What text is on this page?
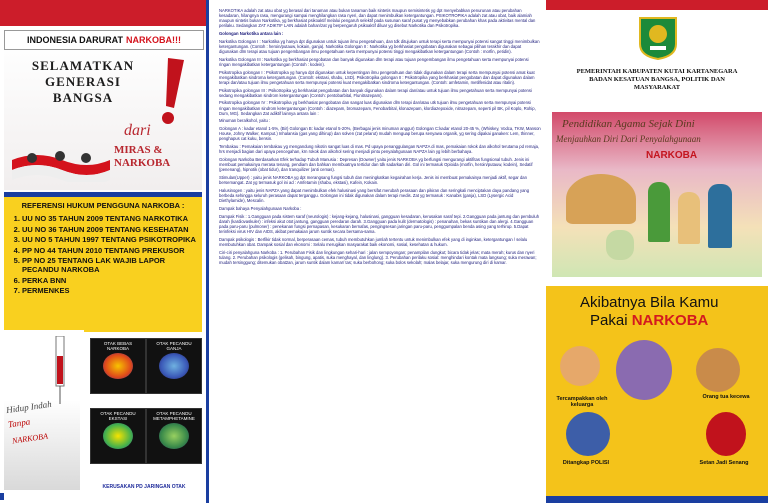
INDONESIA DARURAT NARKOBA!!!
SELAMATKAN
GENERASI
BANGSA
dari
MIRAS &
NARKOBA
REFERENSI HUKUM PENGGUNA NARKOBA :
1. UU NO 35 TAHUN 2009 TENTANG NARKOTIKA
2. UU NO 36 TAHUN 2009 TENTANG KESEHATAN
3. UU NO 5 TAHUN 1997 TENTANG PSIKOTROPIKA
4. PP NO 44 TAHUN 2010 TENTANG PREKUSOR
5. PP NO 25 TENTANG LAK WAJIB LAPOR PECANDU NARKOBA
6. PERKA BNN
7. PERMENKES
Hidup Indah
Tanpa
NARKOBA
OTAK BEBAS NARKOBA
OTAK PECANDU GANJA
OTAK PECANDU EKSTASI
OTAK PECANDU METAMPHETAMINE
KERUSAKAN PD JARINGAN OTAK

NARKOTIKA adalah zat atau obat yg berasal dari tanaman atau bukan tanaman baik sintetis maupun semisintetis yg dpt menyebabkan penurunan atau perubahan kesadaran, hilangnya rasa, mengurangi sampai menghilangkan rasa nyeri, dan dapat menimbulkan ketergantungan. PSIKOTROPIKA adalah zat atau obat, baik alamiah maupun sintetis bukan Narkotika, yg berkhasiat psikoaktif melalui pengaruh selektif pada susunan saraf pusat yg menyebabkan perubahan khas pada aktivitas mental dan perilaku. Sedangkan ZAT ADIKTIF LAIN adalah bahan/zat yg berpengaruh psikoaktif diluar yg disebut Narkotika dan Psikotropika.

Golongan Narkotika antara lain :

Narkotika Golongan I : Narkotika yg hanya dpt digunakan untuk tujuan ilmu pengetahuan, dan tdk ditujukan untuk terapi serta mempunyai potensi sangat tinggi menimbulkan ketergantungan. (Contoh : heroin/putauw, kokain, ganja). Narkotika Golongan II : Narkotika yg berkhasiat pengobatan digunakan sebagai pilihan terakhir dan dapat digunakan dlm terapi atau tujuan pengembangan ilmu pengetahuan serta mempunyai potensi tinggi mengakibatkan ketergantungan (Contoh : morfin, petidin).

Narkotika Golongan III : Narkotika yg berkhasiat pengobatan dan banyak digunakan dlm terapi atau tujuan pengembangan ilmu pengetahuan serta mempunyai potensi ringan mengakibatkan ketergantungan (Contoh : kodein).

Psikotropika golongan I : Psikotropika yg hanya dpt digunakan untuk kepentingan ilmu pengetahuan dan tidak digunakan dalam terapi serta mempunyai potensi amat kuat mengakibatkan sindroma ketergantungan. (Contoh: ekstasi, shabu, LSD). Psikotropika golongan II : Psikotropika yang berkhasiat pengobatan dan dapat digunakan dalam terapi dan/atau tujuan ilmu pengetahuan serta mempunyai potensi kuat mengakibatkan sindroma ketergantungan. (Contoh: amfetamin, metilfenidat atau ritalin).

Psikotropika golongan III : Psikotropika yg berkhasiat pengobatan dan banyak digunakan dalam terapi dan/atau untuk tujuan ilmu pengetahuan serta mempunyai potensi sedang mengakibatkan sindrom ketergantungan (Contoh: pentobarbital, Flunitrazepam).

Psikotropika golongan IV : Psikotropika yg berkhasiat pengobatan dan sangat luas digunakan dlm terapi dan/atau utk tujuan ilmu pengetahuan serta mempunyai potensi ringan mengakibatkan sindrom ketergantungan (Contoh : diazepam, bromazepam, Fenobarbital, klonazepam, klordiazepoxide, nitrazepam, seperti pil BK, pil Koplo, Rohip, Dum, MG). Sedangkan Zat adiktif lainnya antara lain :

Minuman beralkohol, yaitu :

Golongan A : kadar etanol 1-5%, (Bir) Golongan B: kadar etanol 5-20%, (Berbagai jenis minuman anggur) Golongan C:kadar etanol 20-45 %, (Whiskey, Vodca, TKW, Manson House, Johny Walker, Kamput.) Inhalansia (gas yang dihirup) dan solven (zat pelarut) mudah menguap berupa senyawa organik, yg sering dipakai ganaken: Lem, thinner, penghapus cat kuku, bensin.

Tembakau : Pemakaian tembakau yg mengandung nikotin sangat luas di mas. Pd upaya penanggulangan NAPZA di mas, pemakaian rokok dan alkohol terutama pd remaja, hrs menjadi bagian dari upaya pencegahan, krn rokok dan alkohol sering menjadi pintu penyalahgunaan NAPZA lain yg lebih berbahaya.

Golongan Narkoba Berdasarkan Efek terhadap Tubuh Manusia : Depresan (Downer) yaitu jenis NARKOBA yg berfungsi mengurangi aktifitas fungsional tubuh. Jenis ini membuat pemakainya merasa tenang, pendiam dan bahkan membuatnya tertidur dan tdk sadarkan diri. Gol ini termasuk Opioida (morfin, heroin/putauw, kodein), Sedatif (penenang), hipnotik (obat tidur), dan tranquilizer (anti cemas).

Stimulan(Upper) : yaitu jenis NARKOBA yg dpt merangsang fungsi tubuh dan meningkatkan kegairahan kerja. Jenis ini membuat pemakainya menjadi aktif, segar dan bersemangat. Zat yg termasuk gol ini ad : Amfetamin (shabu, ekstasi), Kafein, Kokain.

Halusinogen : yaitu jenis NAPZA yang dapat menimbulkan efek halusinasi yang bersifat merubah perasaan dan pikiran dan seringkali menciptakan daya pandang yang berbeda sehingga seluruh perasaan dapat terganggu. Golongan ini tidak digunakan dalam terapi medis. Zat yg termasuk : Kanabis (ganja), LSD (Lysergic Acid Diethylamide), Mescalin.

Dampak bahaya Penyalahgunaan Narkoba :

Dampak Fisik : 1.Gangguan pada sistem saraf (neurologis) : kejang-kejang, halusinasi, gangguan kesadaran, kerusakan saraf tepi. 2.Gangguan pada jantung dan pembuluh darah (kardiovaskuler) : infeksi akut otot jantung, gangguan peredaran darah. 3.Gangguan pada kulit (dermatologis) : penanahan, bekas suntikan dan alergi. 4.Gangguan pada paru-paru (pulmoner) : penekanan fungsi pernapasan, kesukaran bernafas, pengingsesan jaringan paru-paru, penggumpalan benda asing yang terhirup. 5.Dapat terinfeksi virus HIV dan AIDS, akibat pemakaian jarum suntik secara bersama-sama.

Dampak psikologis : Berfikir tidak normal, berperasaan cemas, tubuh membutuhkan jumlah tertentu untuk menimbulkan efek yang di inginkan, ketergantungan / selalu membutuhkan obat. Dampak sosial dan ekonomi : Selalu merugikan masyarakat baik ekonomi, sosial, kesehatan & hukum.

Ciri-ciri penyalahguna Narkoba : 1. Perubahan Fisik dan lingkungan sehari-hari : jalan sempoyongan; penampilan dungkut; bicara tidak jelas; mata merah; kurus dan nyeri tulang. 2. Perubahan psikologis (gelisah, bingung, apatis, suka menghayal, dan linglung). 3. Perubahan perilaku sosial: menghindari kontak mata langsung; suka merawan; mudah tersinggung; ditemukan obat2an, jarum suntik dalam kamar/ tas; suka berbohong; suka bolos sekolah; malas belajar, suka mengurung diri di kamar.

PEMERINTAH KABUPATEN KUTAI KARTANEGARA
BADAN KESATUAN BANGSA, POLITIK DAN
MASYARAKAT
Pendidikan Agama Sejak Dini
Menjauhkan Diri Dari Penyalahgunaan
NARKOBA
Akibatnya Bila Kamu
Pakai NARKOBA
Tercampakkan oleh keluarga
Orang tua kecewa
Ditangkap POLISI	Setan Jadi Senang
